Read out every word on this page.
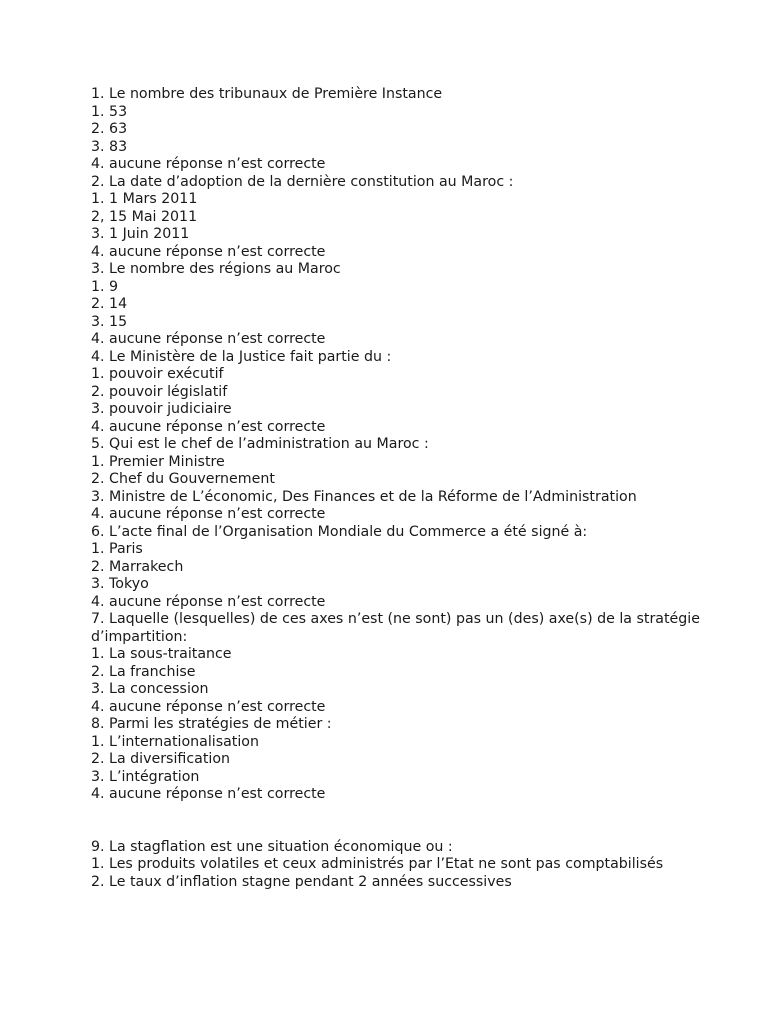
1. Le nombre des tribunaux de Première Instance
1. 53
2. 63
3. 83
4. aucune réponse n’est correcte
2. La date d’adoption de la dernière constitution au Maroc :
1. 1 Mars 2011
2, 15 Mai 2011
3. 1 Juin 2011
4. aucune réponse n’est correcte
3. Le nombre des régions au Maroc
1. 9
2. 14
3. 15
4. aucune réponse n’est correcte
4. Le Ministère de la Justice fait partie du :
1. pouvoir exécutif
2. pouvoir législatif
3. pouvoir judiciaire
4. aucune réponse n’est correcte
5. Qui est le chef de l’administration au Maroc :
1. Premier Ministre
2. Chef du Gouvernement
3. Ministre de L’économic, Des Finances et de la Réforme de l’Administration
4. aucune réponse n’est correcte
6. L’acte final de l’Organisation Mondiale du Commerce a été signé à:
1. Paris
2. Marrakech
3. Tokyo
4. aucune réponse n’est correcte
7. Laquelle (lesquelles) de ces axes n’est (ne sont) pas un (des) axe(s) de la stratégie
d’impartition:
1. La sous-traitance
2. La franchise
3. La concession
4. aucune réponse n’est correcte
8. Parmi les stratégies de métier :
1. L’internationalisation
2. La diversification
3. L’intégration
4. aucune réponse n’est correcte
9. La stagflation est une situation économique ou :
1. Les produits volatiles et ceux administrés par l’Etat ne sont pas comptabilisés
2. Le taux d’inflation stagne pendant 2 années successives
